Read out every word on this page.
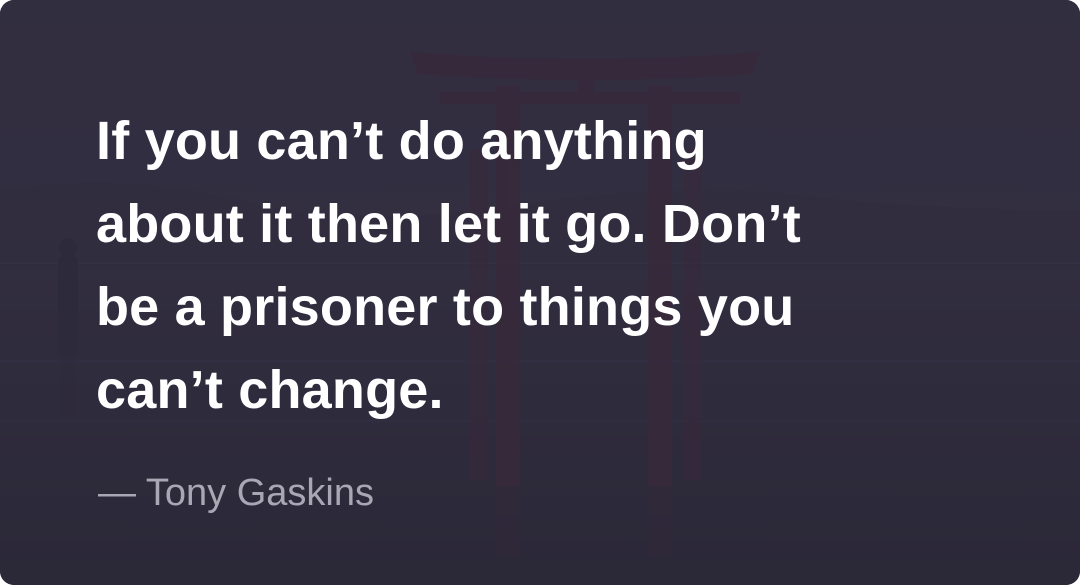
If you can’t do anything
about it then let it go. Don’t
be a prisoner to things you
can’t change.

— Tony Gaskins
